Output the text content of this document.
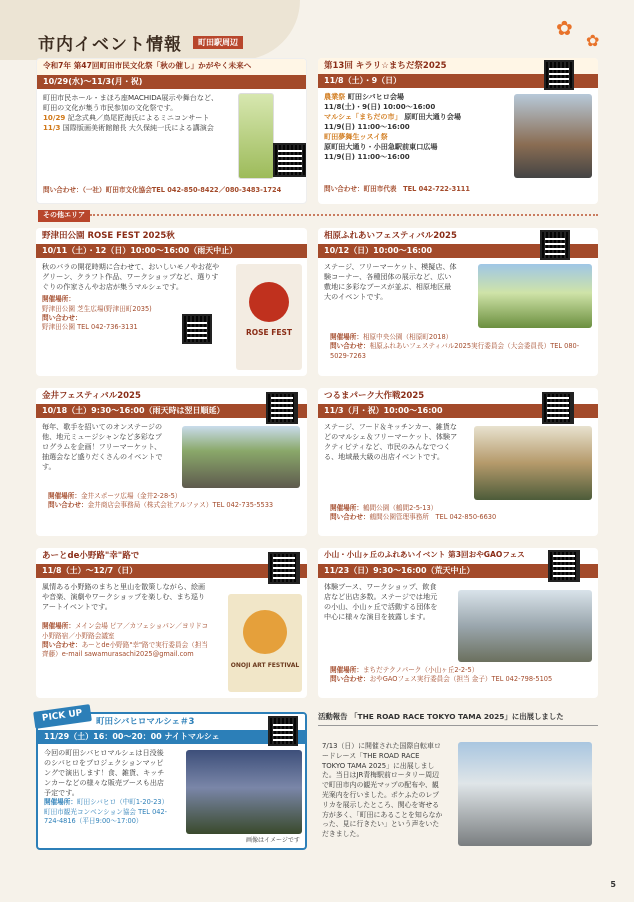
市内イベント情報	町田駅周辺
✿
✿
令和7年 第47回町田市民文化祭「秋の催し」かがやく未来へ
10/29(水)～11/3(月・祝)
町田市民ホール・まほろ座MACHIDA展示や舞台など、町田の文化が集う市民参加の文化祭です。
10/29 記念式典／鳥尾匠海氏によるミニコンサート
11/3 国際版画美術館館長 大久保純一氏による講演会
問い合わせ：（一社）町田市文化協会TEL 042-850-8422／080-3483-1724
第13回 キラリ☆まちだ祭2025
11/8（土）・9（日）
農業祭 町田シバヒロ会場
11/8(土)・9(日) 10:00～16:00
マルシェ「まちだの市」 原町田大通り会場
11/9(日) 11:00～16:00
町田夢舞生ッスイ祭
原町田大通り・小田急駅前東口広場
11/9(日) 11:00～16:00
問い合わせ：町田市代表　TEL 042-722-3111
その他エリア
野津田公園 ROSE FEST 2025秋
10/11（土）・12（日）10:00～16:00（雨天中止）
秋のバラの開花時期に合わせて、おいしいモノやお花やグリーン、クラフト作品、ワークショップなど、選りすぐりの作家さんやお店が集うマルシェです。
開催場所：
野津田公園 芝生広場(野津田町2035)
問い合わせ：
野津田公園 TEL 042-736-3131
ROSE FEST
相原ふれあいフェスティバル2025
10/12（日）10:00～16:00
ステージ、フリーマーケット、模擬店、体験コーナー、各種団体の展示など、広い敷地に多彩なブースが並ぶ、相原地区最大のイベントです。
開催場所：相原中央公園（相原町2018）
問い合わせ：相原ふれあいフェスティバル2025実行委員会（大会委員長）TEL 080-5029-7263
金井フェスティバル2025
10/18（土）9:30～16:00（雨天時は翌日順延）
毎年、歌手を招いてのオンステージの他、地元ミュージシャンなど多彩なプログラムを企画！フリーマーケット、抽選会など盛りだくさんのイベントです。
開催場所：金井スポーツ広場（金井2-28-5）
問い合わせ：金井商店会事務局（株式会社アルファス）TEL 042-735-5533
つるまパーク大作戦2025
11/3（月・祝）10:00～16:00
ステージ、フード＆キッチンカー、雑貨などのマルシェ＆フリーマーケット、体験アクティビティなど、市民のみんなでつくる、地域最大級の出店イベントです。
開催場所：鶴間公園（鶴間2-5-13）
問い合わせ：鶴間公園管理事務所　TEL 042-850-6630
あーとde小野路"幸"路で
11/8（土）～12/7（日）
風情ある小野路のまちと里山を散策しながら、絵画や音楽、演劇やワークショップを楽しむ、まち巡りアートイベントです。
開催場所：メイン会場 ピア／カフェショパン／ヨリドコ小野路宿／小野路会議室
問い合わせ：あーとde小野路"幸"路で実行委員会（担当 齊藤）e-mail sawamurasachi2025@gmail.com
ONOJI ART FESTIVAL
小山・小山ヶ丘のふれあいイベント 第3回おやGAOフェス
11/23（日）9:30～16:00（荒天中止）
体験ブース、ワークショップ、飲食店など出店多数。ステージでは地元の小山、小山ヶ丘で活動する団体を中心に様々な演目を披露します。
開催場所：まちだテクノパーク（小山ヶ丘2-2-5）
問い合わせ：おやGAOフェス実行委員会（担当 金子）TEL 042-798-5105
町田シバヒロマルシェ＃3
11/29（土）16：00～20：00 ナイトマルシェ
今回の町田シバヒロマルシェは日没後のシバヒロをプロジェクションマッピングで演出します！食、雑貨、キッチンカーなどの様々な販売ブースも出店予定です。
開催場所：町田シバヒロ（中町1-20-23）
町田市観光コンベンション協会 TEL 042-724-4816（平日9:00～17:00）
画像はイメージです
PICK UP	活動報告 「THE ROAD RACE TOKYO TAMA 2025」に出展しました
7/13（日）に開催された国際自転車ロードレース「THE ROAD RACE TOKYO TAMA 2025」に出展しました。当日はJR青梅駅前ロータリー周辺で町田市内の観光マップの配布や、観光案内を行いました。ポケふたのレプリカを展示したところ、関心を寄せる方が多く、「町田にあることを知らなかった、見に行きたい」という声をいただきました。
5
